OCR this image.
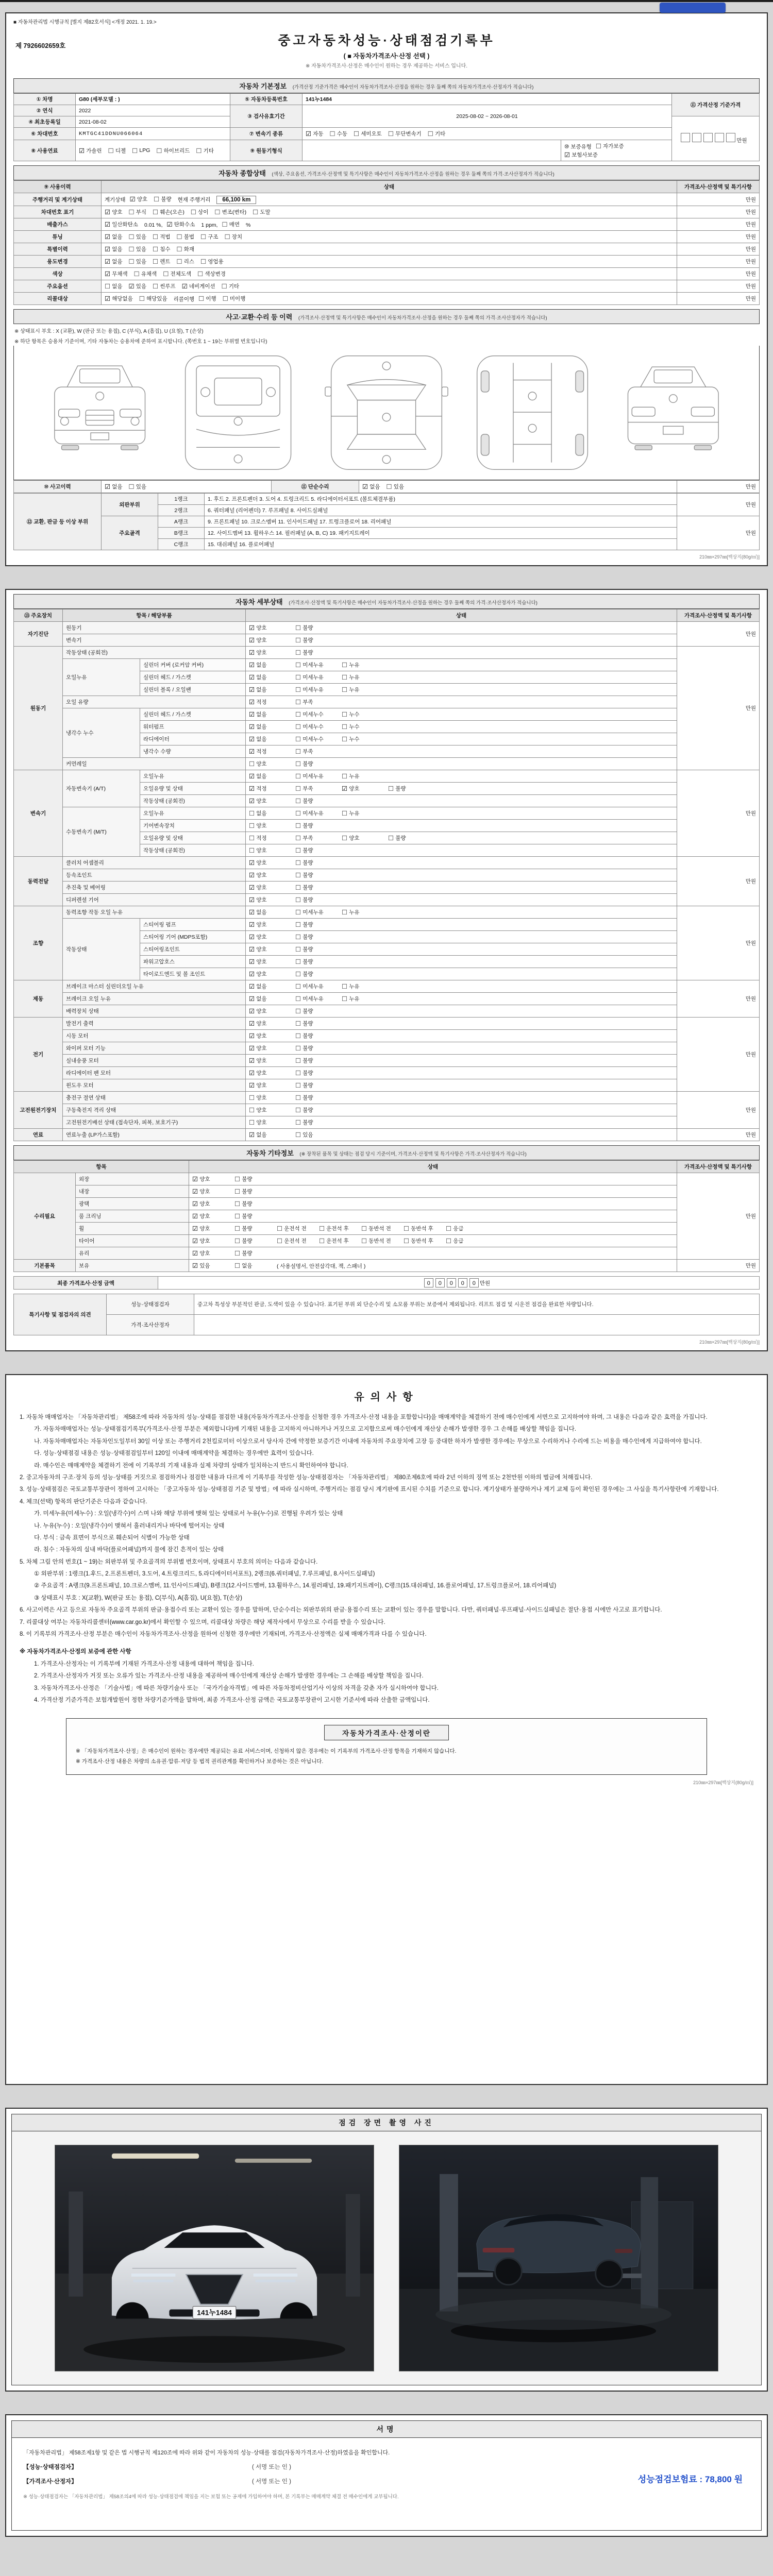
■ 자동차관리법 시행규칙 [별지 제82호서식] <개정 2021. 1. 19.>
제 7926602659호	중고자동차성능·상태점검기록부
( ■ 자동차가격조사·산정 선택 )
※ 자동차가격조사·산정은 매수인이 원하는 경우 제공하는 서비스 입니다.
자동차 기본정보 (가격산정 기준가격은 매수인이 자동차가격조사·산정을 원하는 경우 둘째 쪽의 자동차가격조사·산정자가 적습니다)
① 차명	G80 (세부모델 : )	⑤ 자동차등록번호	141누1484		⑪ 가격산정 기준가격
② 연식	2022	③ 검사유효기간	2025-08-02 ~ 2026-08-01		
④ 최초등록일	2021-08-02				만원
⑥ 차대번호	KMTGC41DDNU066064	⑦ 변속기 종류	☑ 자동 ☐ 수동 ☐ 세미오토 ☐ 무단변속기 ☐ 기타

⑧ 사용연료	☑ 가솔린 ☐ 디젤 ☐ LPG ☐ 하이브리드 ☐ 기타	⑨ 원동기형식		⑩ 보증유형 ☐ 자가보증
☑ 보험사보증
자동차 종합상태 (색상, 주요옵션, 가격조사·산정액 및 특기사항은 매수인이 자동차가격조사·산정을 원하는 경우 둘째 쪽의 가격·조사산정자가 적습니다)
⑨ 사용이력	상태	가격조사·산정액 및 특기사항
주행거리 및 계기상태	계기상태 ☑ 양호 ☐ 불량 현재 주행거리 66,100 km	만원
차대번호 표기	☑ 양호 ☐ 부식 ☐ 훼손(오손) ☐ 상이 ☐ 변조(변타) ☐ 도말	만원
배출가스	☑ 일산화탄소 0.01 %, ☑ 탄화수소 1 ppm, ☐ 매연 %	만원
튜닝	☑ 없음 ☐ 있음 ☐ 적법 ☐ 불법 ☐ 구조 ☐ 장치	만원
특별이력	☑ 없음 ☐ 있음 ☐ 침수 ☐ 화재	만원
용도변경	☑ 없음 ☐ 있음 ☐ 렌트 ☐ 리스 ☐ 영업용	만원
색상	☑ 무채색 ☐ 유채색 ☐ 전체도색 ☐ 색상변경	만원
주요옵션	☐ 없음 ☑ 있음 ☐ 썬루프 ☑ 네비게이션 ☐ 기타	만원
리콜대상	☑ 해당없음 ☐ 해당있음 리콜이행 ☐ 이행 ☐ 미이행	만원
사고·교환·수리 등 이력 (가격조사·산정액 및 특기사항은 매수인이 자동차가격조사·산정을 원하는 경우 둘째 쪽의 가격·조사산정자가 적습니다)
※ 상태표시 부호 : X (교환), W (판금 또는 용접), C (부식), A (흠집), U (요철), T (손상)
※ 하단 항목은 승용차 기준이며, 기타 자동차는 승용차에 준하여 표시합니다. (쪽번호 1 ~ 19는 부위별 번호입니다)
⑩ 사고이력	☑ 없음 ☐ 있음	⑪ 단순수리	☑ 없음 ☐ 있음	만원
⑫ 교환, 판금 등 이상 부위	외판부위	1랭크	1. 후드 2. 프론트펜더 3. 도어 4. 트렁크리드 5. 라디에이터서포트 (볼트체결부품)	만원
		2랭크	6. 쿼터패널 (리어펜더) 7. 루프패널 8. 사이드실패널	
	주요골격	A랭크	9. 프론트패널 10. 크로스멤버 11. 인사이드패널 17. 트렁크플로어 18. 리어패널	만원
		B랭크	12. 사이드멤버 13. 휠하우스 14. 필러패널 (A, B, C) 19. 패키지트레이	
		C랭크	15. 대쉬패널 16. 플로어패널	
210㎜×297㎜[백상지(80g/㎡)]
자동차 세부상태 (가격조사·산정액 및 특기사항은 매수인이 자동차가격조사·산정을 원하는 경우 둘째 쪽의 가격·조사산정자가 적습니다)
⑬ 주요장치	항목 / 해당부품		상태	가격조사·산정액 및 특기사항
자기진단	원동기		☑ 양호 ☐ 불량	만원
	변속기		☑ 양호 ☐ 불량	

원동기	작동상태 (공회전)		☑ 양호 ☐ 불량	만원
오일누유	실린더 커버 (로커암 커버)	☑ 없음	☐ 미세누유	☐ 누유

실린더 헤드 / 가스켓	☑ 없음	☐ 미세누유	☐ 누유

실린더 블록 / 오일팬	☑ 없음	☐ 미세누유	☐ 누유

	오일 유량		☑ 적정 ☐ 부족	

냉각수 누수	실린더 헤드 / 가스켓	☑ 없음	☐ 미세누수	☐ 누수

워터펌프	☑ 없음	☐ 미세누수	☐ 누수

라디에이터	☑ 없음	☐ 미세누수	☐ 누수

		냉각수 수량	☑ 적정 ☐ 부족	

	커먼레일		☐ 양호 ☐ 불량	

변속기	자동변속기 (A/T)	오일누유	☑ 없음	☐ 미세누유	☐ 누유
	만원
오일유량 및 상태	☑ 적정	☐ 부족	☑ 양호	☐ 불량

		작동상태 (공회전)	☑ 양호 ☐ 불량	

수동변속기 (M/T)	오일누유	☐ 없음	☐ 미세누유	☐ 누유

		기어변속장치	☐ 양호 ☐ 불량	

오일유량 및 상태	☐ 적정	☐ 부족	☐ 양호	☐ 불량

		작동상태 (공회전)	☐ 양호 ☐ 불량	

동력전달	클러치 어셈블리		☑ 양호 ☐ 불량	만원
	등속조인트		☑ 양호 ☐ 불량	

	추진축 및 베어링		☑ 양호 ☐ 불량	

	디퍼렌셜 기어		☑ 양호 ☐ 불량	

조향	동력조향 작동 오일 누유	☑ 없음	☐ 미세누유	☐ 누유
	만원
	작동상태	스티어링 펌프	☑ 양호 ☐ 불량	

		스티어링 기어 (MDPS포함)	☑ 양호 ☐ 불량	

		스티어링조인트	☑ 양호 ☐ 불량	

		파워고압호스	☑ 양호 ☐ 불량	

		타이로드엔드 및 볼 조인트	☑ 양호 ☐ 불량	

제동	브레이크 마스터 실린더오일 누유	☑ 없음	☐ 미세누유	☐ 누유
	만원
브레이크 오일 누유	☑ 없음	☐ 미세누유	☐ 누유

	배력장치 상태		☑ 양호 ☐ 불량	

전기	발전기 출력		☑ 양호 ☐ 불량	만원
	시동 모터		☑ 양호 ☐ 불량	

	와이퍼 모터 기능		☑ 양호 ☐ 불량	

	실내송풍 모터		☑ 양호 ☐ 불량	

	라디에이터 팬 모터		☑ 양호 ☐ 불량	

	윈도우 모터		☑ 양호 ☐ 불량	

고전원전기장치	충전구 절연 상태		☐ 양호 ☐ 불량	만원
	구동축전지 격리 상태		☐ 양호 ☐ 불량	

	고전원전기배선 상태 (접속단자, 피복, 보호기구)		☐ 양호 ☐ 불량	

연료	연료누출 (LP가스포함)		☑ 없음 ☐ 있음	만원
자동차 기타정보 (※ 장착된 품목 및 상태는 점검 당시 기준이며, 가격조사·산정액 및 특기사항은 가격·조사산정자가 적습니다)
항목		상태	가격조사·산정액 및 특기사항
수리필요	외장	☑ 양호 ☐ 불량	만원
	내장	☑ 양호 ☐ 불량	

	광택	☑ 양호 ☐ 불량	

	룸 크리닝	☑ 양호 ☐ 불량	

휠	☑ 양호	☐ 불량	☐ 운전석 전 ☐ 운전석 후 ☐ 동반석 전 ☐ 동반석 후 ☐ 응급

타이어	☑ 양호	☐ 불량	☐ 운전석 전 ☐ 운전석 후 ☐ 동반석 전 ☐ 동반석 후 ☐ 응급

	유리	☑ 양호 ☐ 불량	

기본품목	보유	☑ 있음 ☐ 없음 ( 사용설명서, 안전삼각대, 잭, 스패너 )	만원
최종 가격조사·산정 금액	0 0 0 0 0 만원
특기사항 및 점검자의 의견	성능·상태점검자	중고차 특성상 부분적인 판금, 도색이 있을 수 있습니다. 표기된 부위 외 단순수리 및 소모품 부위는 보증에서 제외됩니다. 리프트 점검 및 시운전 점검을 완료한 차량입니다.
	가격·조사산정자	
210㎜×297㎜[백상지(80g/㎡)]
유의사항
1. 자동차 매매업자는 「자동차관리법」 제58조에 따라 자동차의 성능·상태를 점검한 내용(자동차가격조사·산정을 신청한 경우 가격조사·산정 내용을 포함합니다)을 매매계약을 체결하기 전에 매수인에게 서면으로 고지하여야 하며, 그 내용은 다음과 같은 효력을 가집니다.
가. 자동차매매업자는 성능·상태점검기록부(가격조사·산정 부분은 제외합니다)에 기재된 내용을 고지하지 아니하거나 거짓으로 고지함으로써 매수인에게 재산상 손해가 발생한 경우 그 손해를 배상할 책임을 집니다.
나. 자동차매매업자는 자동차인도일부터 30일 이상 또는 주행거리 2천킬로미터 이상으로서 당사자 간에 약정한 보증기간 이내에 자동차의 주요장치에 고장 등 중대한 하자가 발생한 경우에는 무상으로 수리하거나 수리에 드는 비용을 매수인에게 지급하여야 합니다.
다. 성능·상태점검 내용은 성능·상태점검일부터 120일 이내에 매매계약을 체결하는 경우에만 효력이 있습니다.
라. 매수인은 매매계약을 체결하기 전에 이 기록부의 기재 내용과 실제 차량의 상태가 일치하는지 반드시 확인하여야 합니다.
2. 중고자동차의 구조·장치 등의 성능·상태를 거짓으로 점검하거나 점검한 내용과 다르게 이 기록부를 작성한 성능·상태점검자는 「자동차관리법」 제80조제6호에 따라 2년 이하의 징역 또는 2천만원 이하의 벌금에 처해집니다.
3. 성능·상태점검은 국토교통부장관이 정하여 고시하는 「중고자동차 성능·상태점검 기준 및 방법」에 따라 실시하며, 주행거리는 점검 당시 계기판에 표시된 수치를 기준으로 합니다. 계기상태가 불량하거나 계기 교체 등이 확인된 경우에는 그 사실을 특기사항란에 기재합니다.
4. 체크(선택) 항목의 판단기준은 다음과 같습니다.
가. 미세누유(미세누수) : 오일(냉각수)이 스며 나와 해당 부위에 맺혀 있는 상태로서 누유(누수)로 진행될 우려가 있는 상태
나. 누유(누수) : 오일(냉각수)이 맺혀서 흘러내리거나 바닥에 떨어지는 상태
다. 부식 : 금속 표면이 부식으로 훼손되어 식별이 가능한 상태
라. 침수 : 자동차의 실내 바닥(플로어패널)까지 물에 잠긴 흔적이 있는 상태
5. 차체 그림 안의 번호(1 ~ 19)는 외판부위 및 주요골격의 부위별 번호이며, 상태표시 부호의 의미는 다음과 같습니다.
① 외판부위 : 1랭크(1.후드, 2.프론트펜더, 3.도어, 4.트렁크리드, 5.라디에이터서포트), 2랭크(6.쿼터패널, 7.루프패널, 8.사이드실패널)
② 주요골격 : A랭크(9.프론트패널, 10.크로스멤버, 11.인사이드패널), B랭크(12.사이드멤버, 13.휠하우스, 14.필러패널, 19.패키지트레이), C랭크(15.대쉬패널, 16.플로어패널, 17.트렁크플로어, 18.리어패널)
③ 상태표시 부호 : X(교환), W(판금 또는 용접), C(부식), A(흠집), U(요철), T(손상)
6. 사고이력은 사고 등으로 자동차 주요골격 부위의 판금·용접수리 또는 교환이 있는 경우를 말하며, 단순수리는 외판부위의 판금·용접수리 또는 교환이 있는 경우를 말합니다. 다만, 쿼터패널·루프패널·사이드실패널은 절단·용접 시에만 사고로 표기합니다.
7. 리콜대상 여부는 자동차리콜센터(www.car.go.kr)에서 확인할 수 있으며, 리콜대상 차량은 해당 제작사에서 무상으로 수리를 받을 수 있습니다.
8. 이 기록부의 가격조사·산정 부분은 매수인이 자동차가격조사·산정을 원하여 신청한 경우에만 기재되며, 가격조사·산정액은 실제 매매가격과 다를 수 있습니다.
※ 자동차가격조사·산정의 보증에 관한 사항
1. 가격조사·산정자는 이 기록부에 기재된 가격조사·산정 내용에 대하여 책임을 집니다.
2. 가격조사·산정자가 거짓 또는 오류가 있는 가격조사·산정 내용을 제공하여 매수인에게 재산상 손해가 발생한 경우에는 그 손해를 배상할 책임을 집니다.
3. 자동차가격조사·산정은 「기술사법」에 따른 차량기술사 또는 「국가기술자격법」에 따른 자동차정비산업기사 이상의 자격을 갖춘 자가 실시하여야 합니다.
4. 가격산정 기준가격은 보험개발원이 정한 차량기준가액을 말하며, 최종 가격조사·산정 금액은 국토교통부장관이 고시한 기준서에 따라 산출한 금액입니다.
자동차가격조사·산정이란
※ 「자동차가격조사·산정」은 매수인이 원하는 경우에만 제공되는 유료 서비스이며, 신청하지 않은 경우에는 이 기록부의 가격조사·산정 항목을 기재하지 않습니다.
※ 가격조사·산정 내용은 차량의 소유권·압류·저당 등 법적 권리관계를 확인하거나 보증하는 것은 아닙니다.
210㎜×297㎜[백상지(80g/㎡)]
점검 장면 촬영 사진
141누1484
서명
「자동차관리법」 제58조제1항 및 같은 법 시행규칙 제120조에 따라 위와 같이 자동차의 성능·상태를 점검(자동차가격조사·산정)하였음을 확인합니다.
성능점검보험료 : 78,800 원
【성능·상태점검자】	( 서명 또는 인 )
【가격조사·산정자】	( 서명 또는 인 )
※ 성능·상태점검자는 「자동차관리법」 제58조의4에 따라 성능·상태점검에 책임을 지는 보험 또는 공제에 가입하여야 하며, 본 기록부는 매매계약 체결 전 매수인에게 교부됩니다.
